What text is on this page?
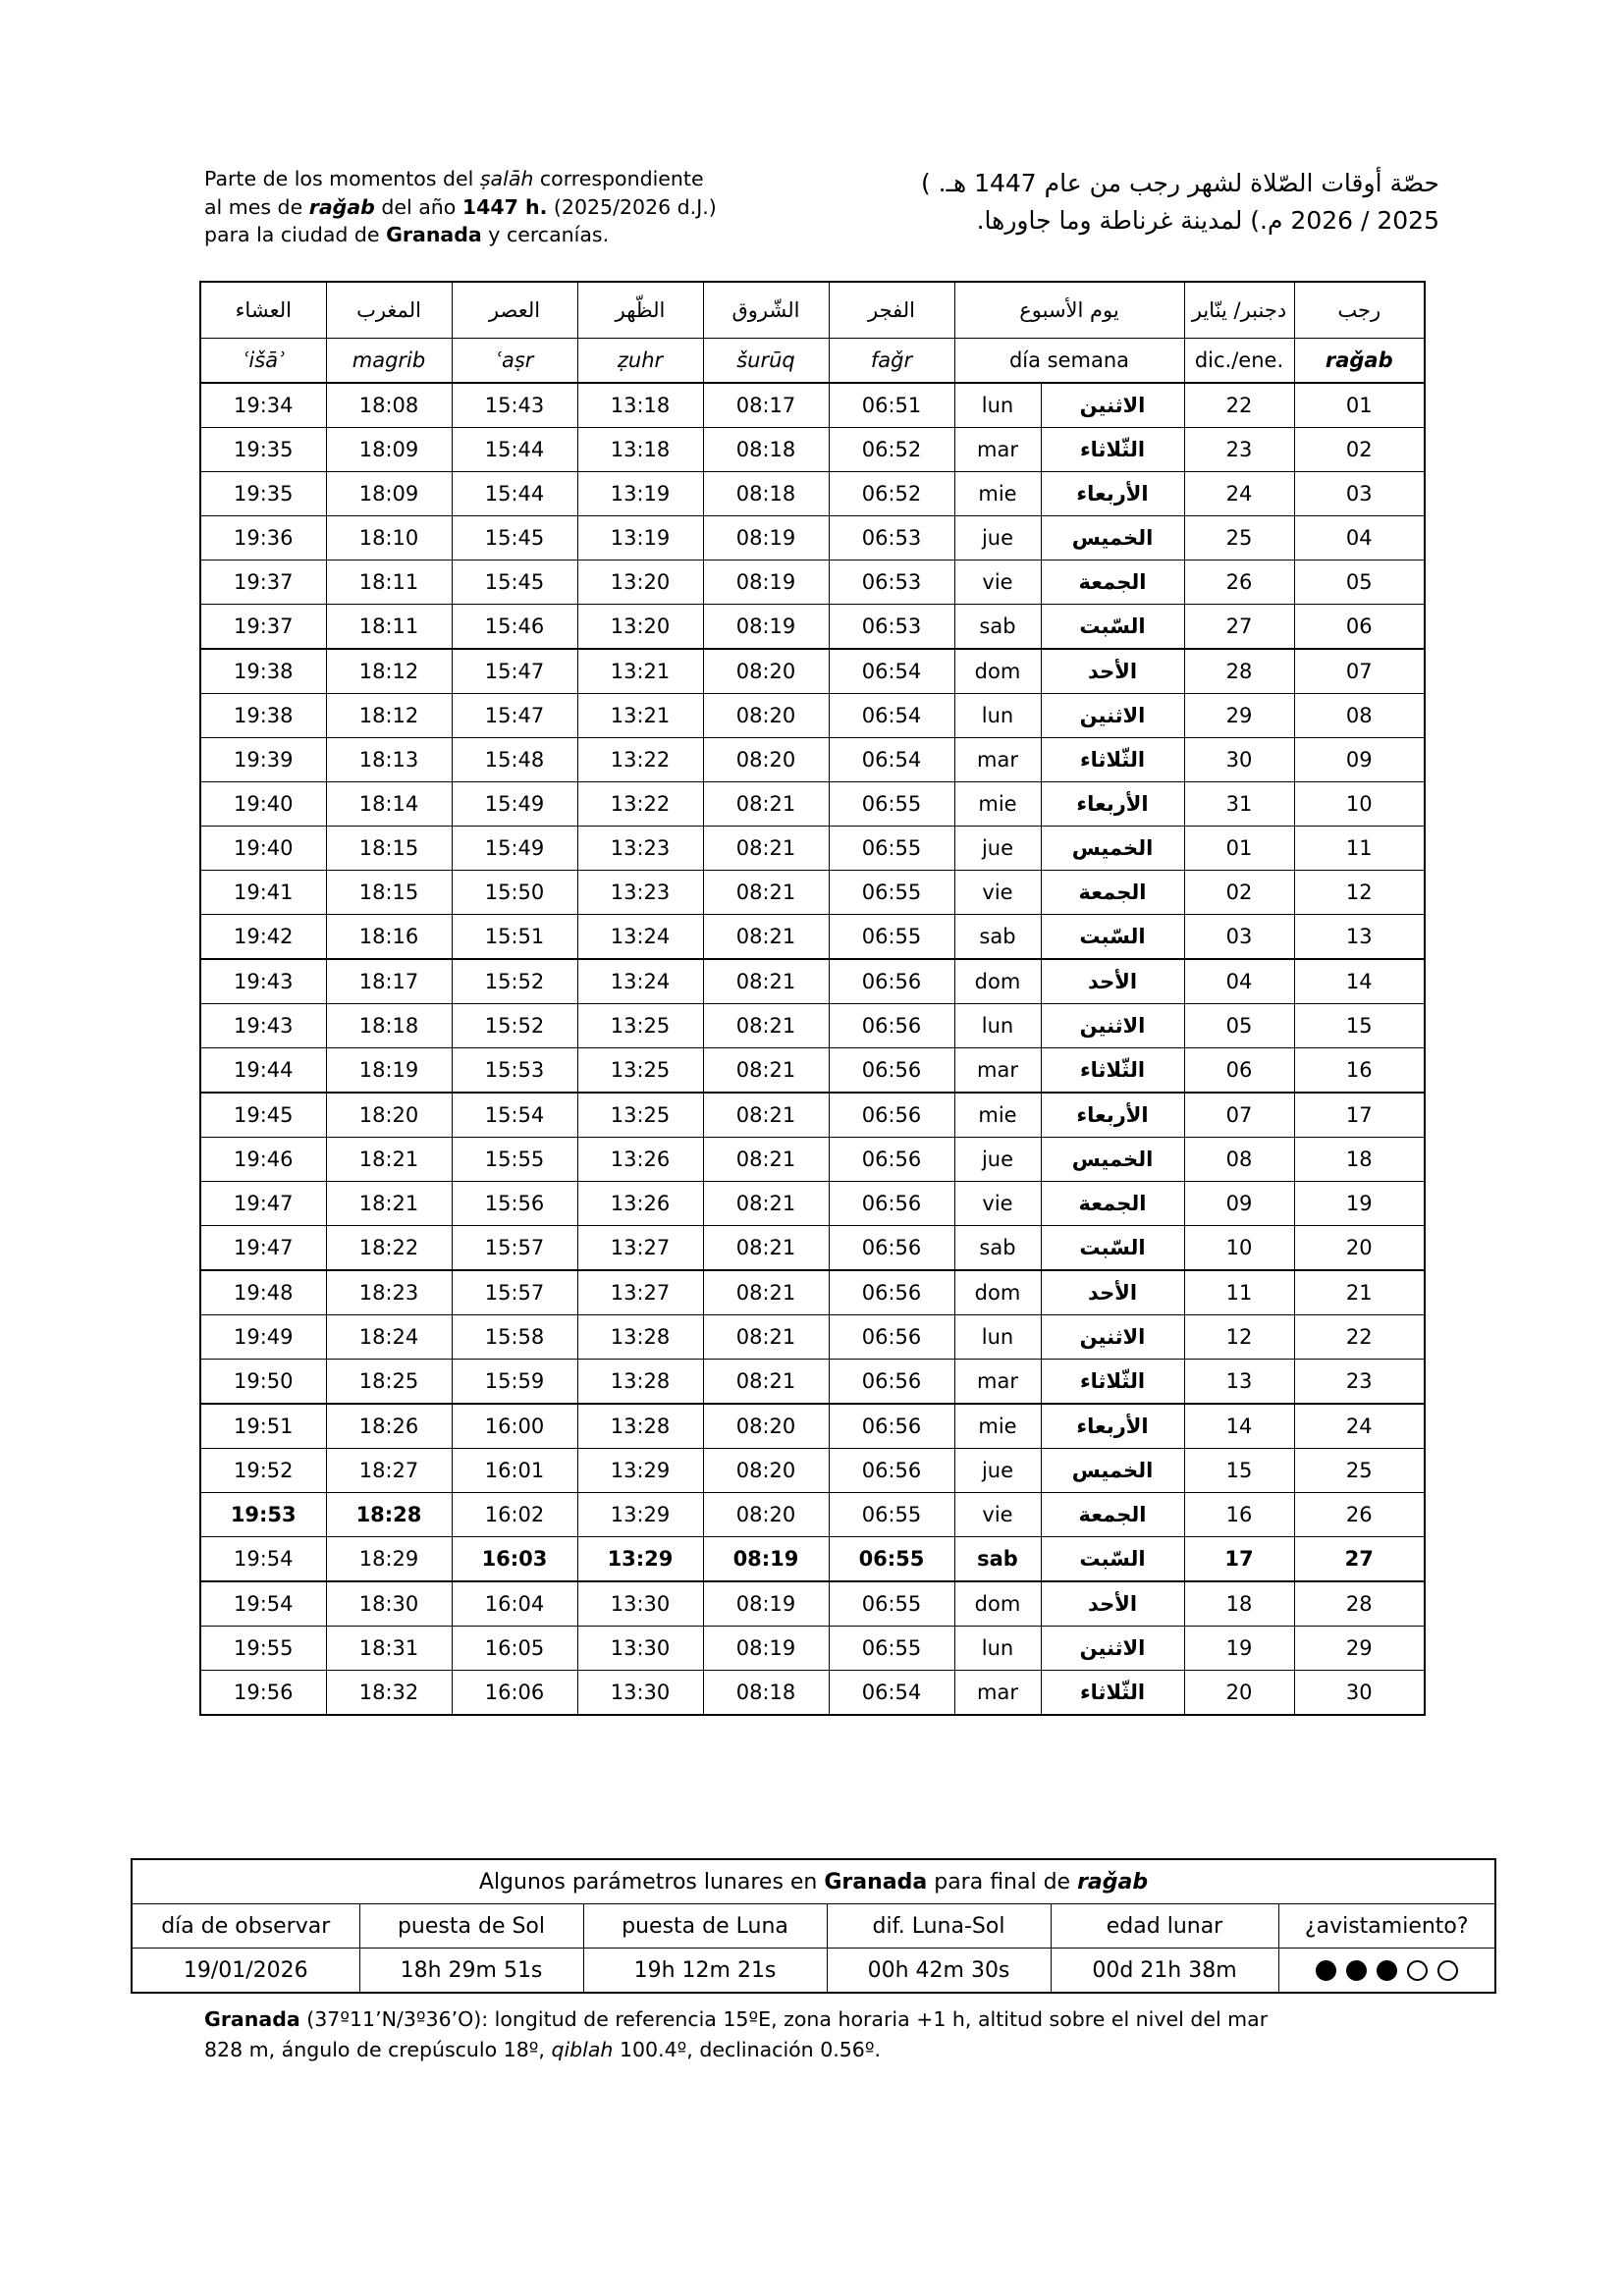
Parte de los momentos del ṣalāh correspondiente
al mes de raǧab del año 1447 h. (2025/2026 d.J.)
para la ciudad de Granada y cercanías.
حصّة أوقات الصّلاة لشهر رجب من عام 1447 هـ. )
2025 / 2026 م.) لمدينة غرناطة وما جاورها.
العشاء	المغرب	العصر	الظّهر	الشّروق	الفجر	يوم الأسبوع		دجنبر/ ينّاير	رجب
ʿišāʾ	magrib	ʿaṣr	ẓuhr	šurūq	faǧr	día semana		dic./ene.	raǧab
19:34	18:08	15:43	13:18	08:17	06:51	lun	الاثنين	22	01
19:35	18:09	15:44	13:18	08:18	06:52	mar	الثّلاثاء	23	02
19:35	18:09	15:44	13:19	08:18	06:52	mie	الأربعاء	24	03
19:36	18:10	15:45	13:19	08:19	06:53	jue	الخميس	25	04
19:37	18:11	15:45	13:20	08:19	06:53	vie	الجمعة	26	05
19:37	18:11	15:46	13:20	08:19	06:53	sab	السّبت	27	06
19:38	18:12	15:47	13:21	08:20	06:54	dom	الأحد	28	07
19:38	18:12	15:47	13:21	08:20	06:54	lun	الاثنين	29	08
19:39	18:13	15:48	13:22	08:20	06:54	mar	الثّلاثاء	30	09
19:40	18:14	15:49	13:22	08:21	06:55	mie	الأربعاء	31	10
19:40	18:15	15:49	13:23	08:21	06:55	jue	الخميس	01	11
19:41	18:15	15:50	13:23	08:21	06:55	vie	الجمعة	02	12
19:42	18:16	15:51	13:24	08:21	06:55	sab	السّبت	03	13
19:43	18:17	15:52	13:24	08:21	06:56	dom	الأحد	04	14
19:43	18:18	15:52	13:25	08:21	06:56	lun	الاثنين	05	15
19:44	18:19	15:53	13:25	08:21	06:56	mar	الثّلاثاء	06	16
19:45	18:20	15:54	13:25	08:21	06:56	mie	الأربعاء	07	17
19:46	18:21	15:55	13:26	08:21	06:56	jue	الخميس	08	18
19:47	18:21	15:56	13:26	08:21	06:56	vie	الجمعة	09	19
19:47	18:22	15:57	13:27	08:21	06:56	sab	السّبت	10	20
19:48	18:23	15:57	13:27	08:21	06:56	dom	الأحد	11	21
19:49	18:24	15:58	13:28	08:21	06:56	lun	الاثنين	12	22
19:50	18:25	15:59	13:28	08:21	06:56	mar	الثّلاثاء	13	23
19:51	18:26	16:00	13:28	08:20	06:56	mie	الأربعاء	14	24
19:52	18:27	16:01	13:29	08:20	06:56	jue	الخميس	15	25
19:53	18:28	16:02	13:29	08:20	06:55	vie	الجمعة	16	26
19:54	18:29	16:03	13:29	08:19	06:55	sab	السّبت	17	27
19:54	18:30	16:04	13:30	08:19	06:55	dom	الأحد	18	28
19:55	18:31	16:05	13:30	08:19	06:55	lun	الاثنين	19	29
19:56	18:32	16:06	13:30	08:18	06:54	mar	الثّلاثاء	20	30
Algunos parámetros lunares en Granada para final de raǧab					
día de observar	puesta de Sol	puesta de Luna	dif. Luna-Sol	edad lunar	¿avistamiento?
19/01/2026	18h 29m 51s	19h 12m 21s	00h 42m 30s	00d 21h 38m	
Granada (37º11’N/3º36’O): longitud de referencia 15ºE, zona horaria +1 h, altitud sobre el nivel del mar
828 m, ángulo de crepúsculo 18º, qiblah 100.4º, declinación 0.56º.
